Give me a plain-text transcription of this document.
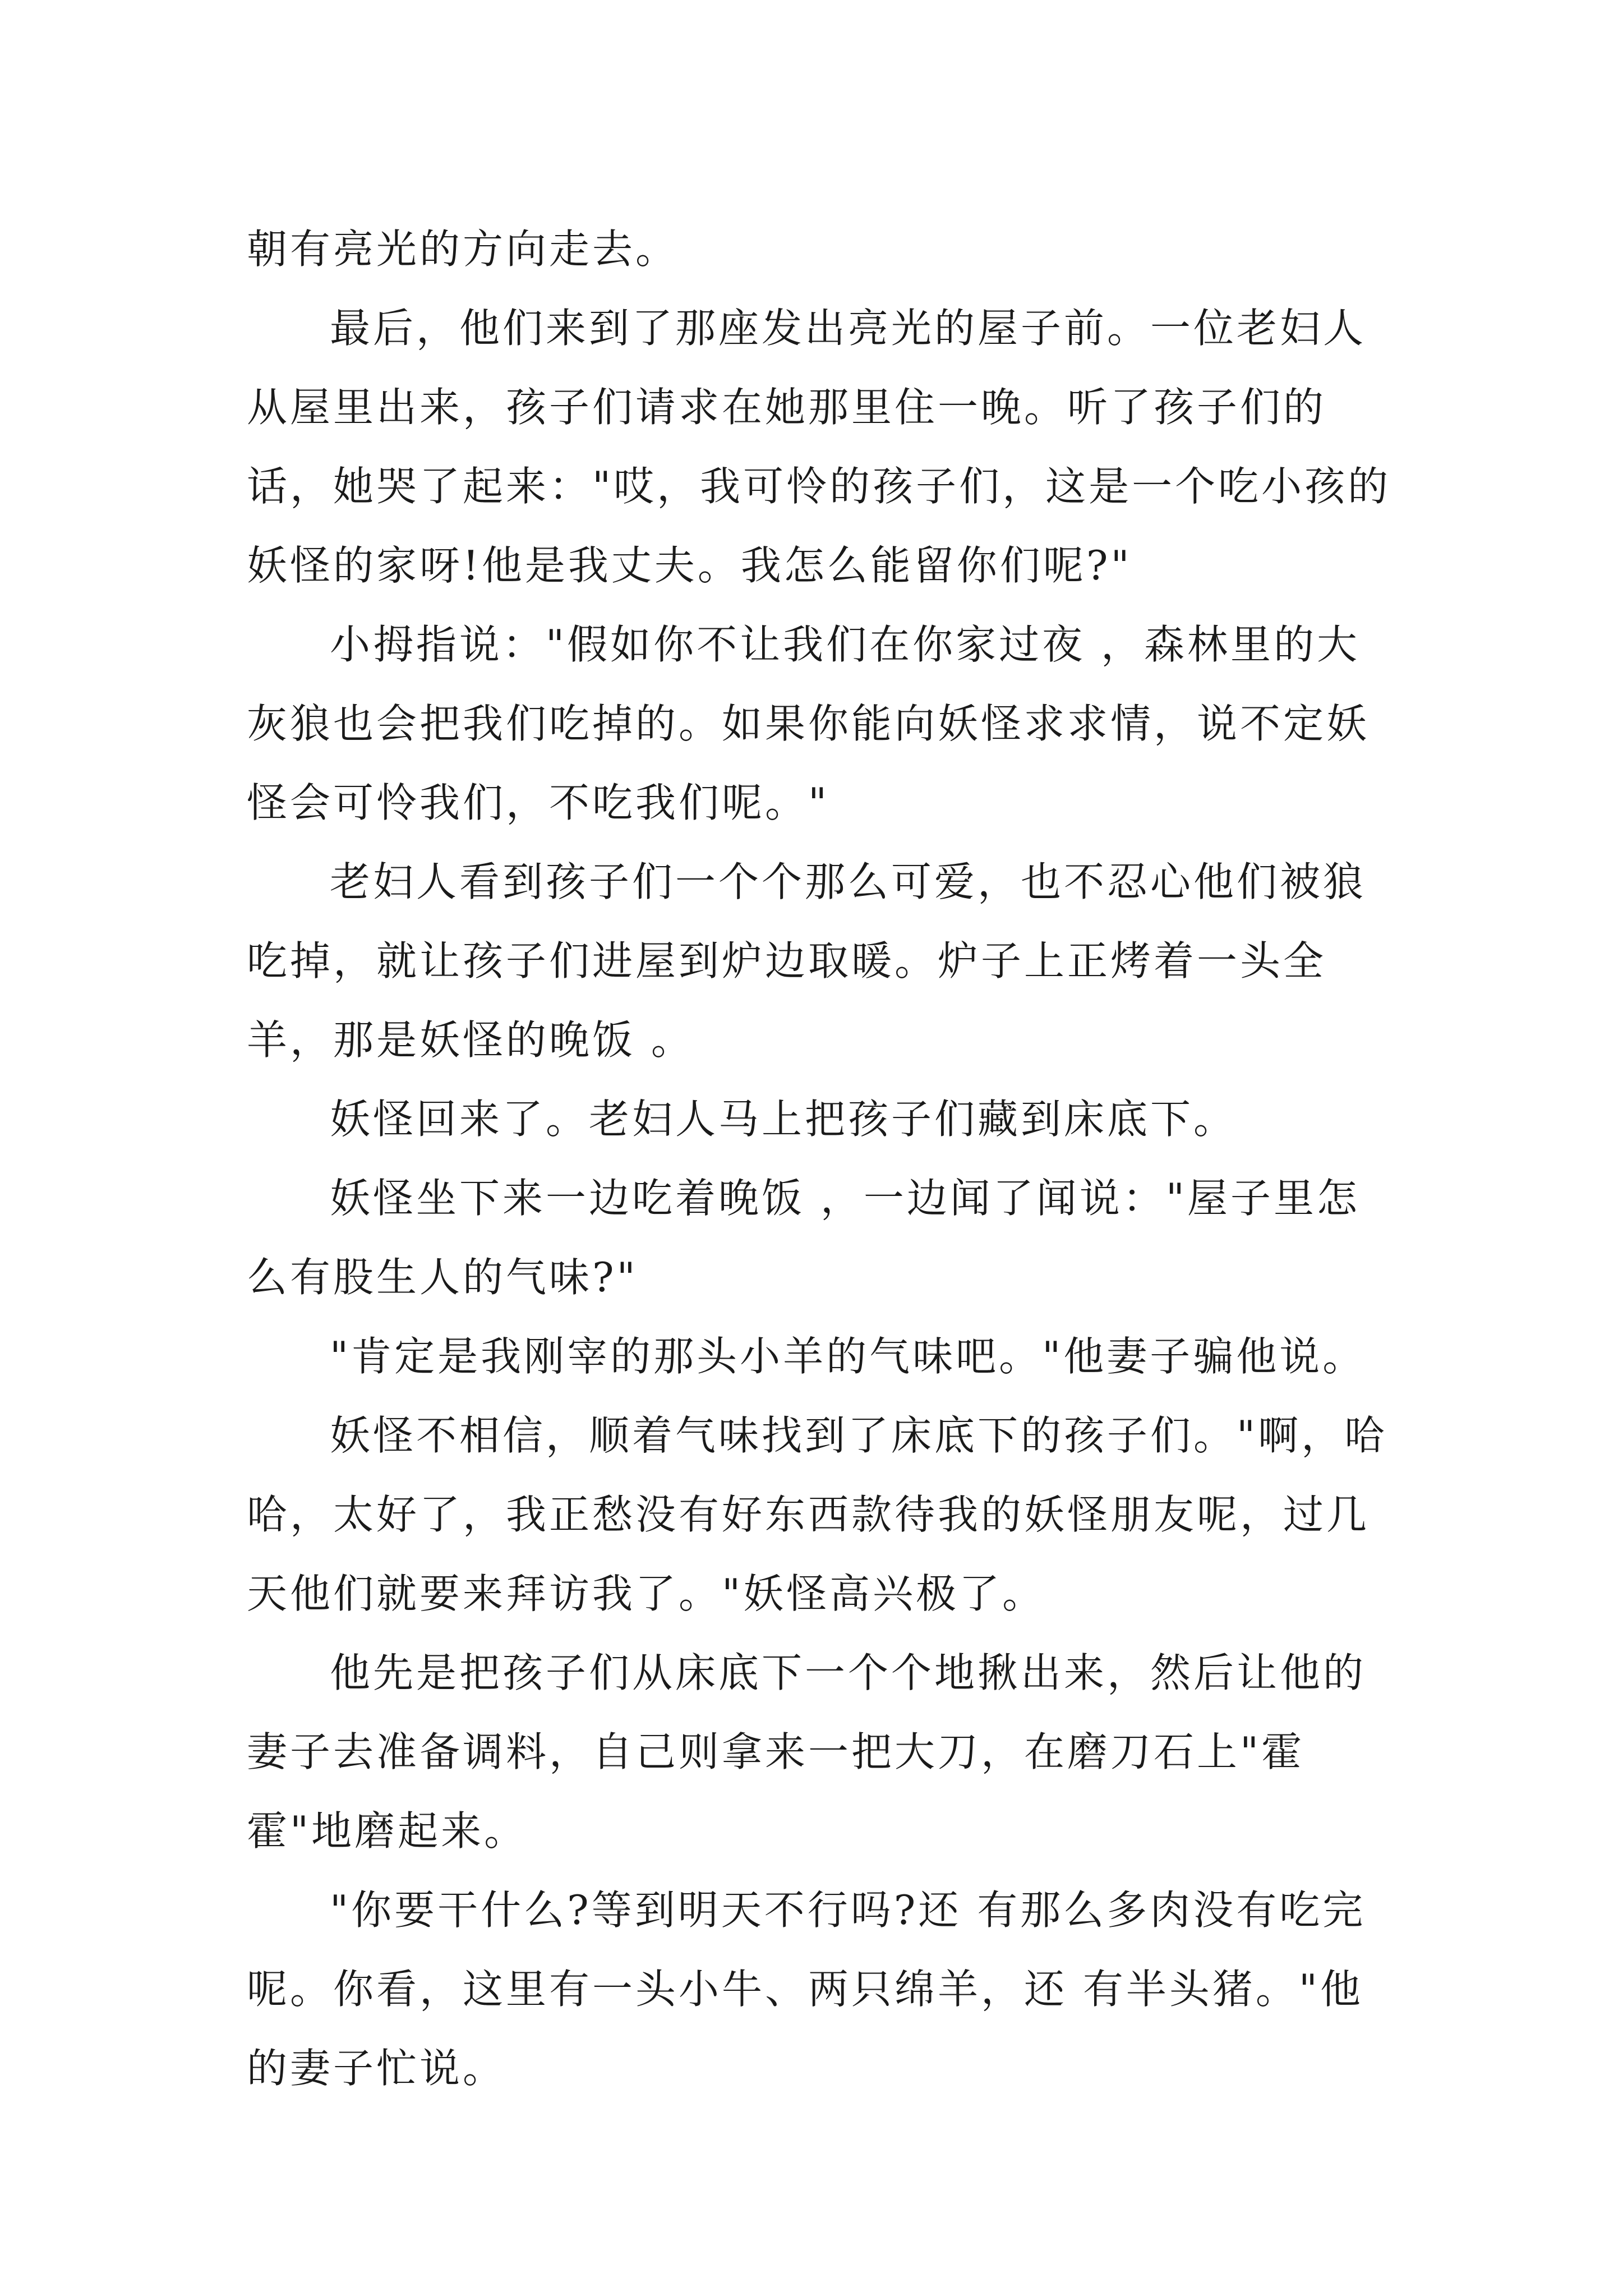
朝有亮光的方向走去。

最后，他们来到了那座发出亮光的屋子前。一位老妇人从屋里出来，孩子们请求在她那里住一晚。听了孩子们的话，她哭了起来："哎，我可怜的孩子们，这是一个吃小孩的妖怪的家呀!他是我丈夫。我怎么能留你们呢?"

小拇指说："假如你不让我们在你家过夜 ，森林里的大灰狼也会把我们吃掉的。如果你能向妖怪求求情，说不定妖怪会可怜我们，不吃我们呢。"

老妇人看到孩子们一个个那么可爱，也不忍心他们被狼吃掉，就让孩子们进屋到炉边取暖。炉子上正烤着一头全羊，那是妖怪的晚饭 。

妖怪回来了。老妇人马上把孩子们藏到床底下。

妖怪坐下来一边吃着晚饭 ，一边闻了闻说："屋子里怎么有股生人的气味?"

"肯定是我刚宰的那头小羊的气味吧。"他妻子骗他说。

妖怪不相信，顺着气味找到了床底下的孩子们。"啊，哈哈，太好了，我正愁没有好东西款待我的妖怪朋友呢，过几天他们就要来拜访我了。"妖怪高兴极了。

他先是把孩子们从床底下一个个地揪出来，然后让他的妻子去准备调料，自己则拿来一把大刀，在磨刀石上"霍霍"地磨起来。

"你要干什么?等到明天不行吗?还 有那么多肉没有吃完呢。你看，这里有一头小牛、两只绵羊，还 有半头猪。"他的妻子忙说。
